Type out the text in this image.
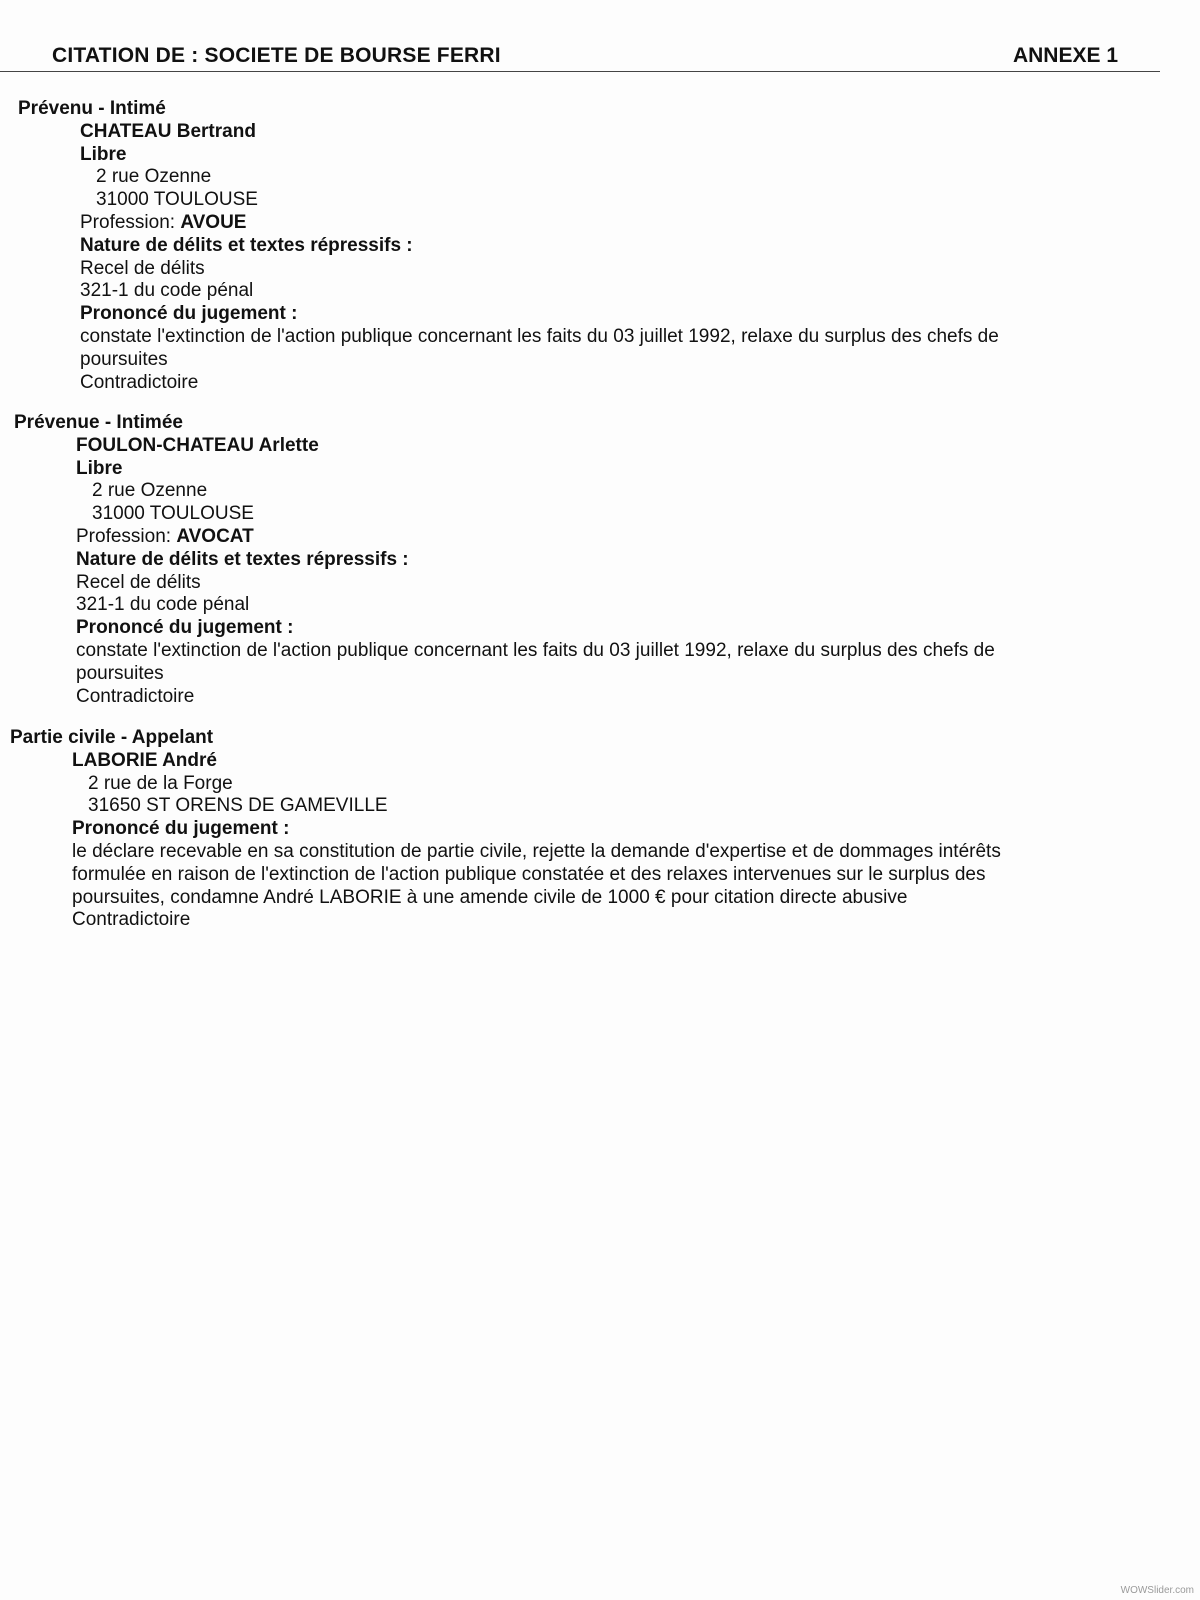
CITATION DE : SOCIETE DE BOURSE FERRI	ANNEXE 1
Prévenu - Intimé
CHATEAU Bertrand
Libre
2 rue Ozenne
31000 TOULOUSE
Profession: AVOUE
Nature de délits et textes répressifs :
Recel de délits
321-1 du code pénal
Prononcé du jugement :
constate l'extinction de l'action publique concernant les faits du 03 juillet 1992, relaxe du surplus des chefs de poursuites
Contradictoire
Prévenue - Intimée
FOULON-CHATEAU Arlette
Libre
2 rue Ozenne
31000 TOULOUSE
Profession: AVOCAT
Nature de délits et textes répressifs :
Recel de délits
321-1 du code pénal
Prononcé du jugement :
constate l'extinction de l'action publique concernant les faits du 03 juillet 1992, relaxe du surplus des chefs de poursuites
Contradictoire
Partie civile - Appelant
LABORIE André
2 rue de la Forge
31650 ST ORENS DE GAMEVILLE
Prononcé du jugement :
le déclare recevable en sa constitution de partie civile, rejette la demande d'expertise et de dommages intérêts formulée en raison de l'extinction de l'action publique constatée et des relaxes intervenues sur le surplus des poursuites, condamne André LABORIE à une amende civile de 1000 € pour citation directe abusive
Contradictoire
WOWSlider.com
